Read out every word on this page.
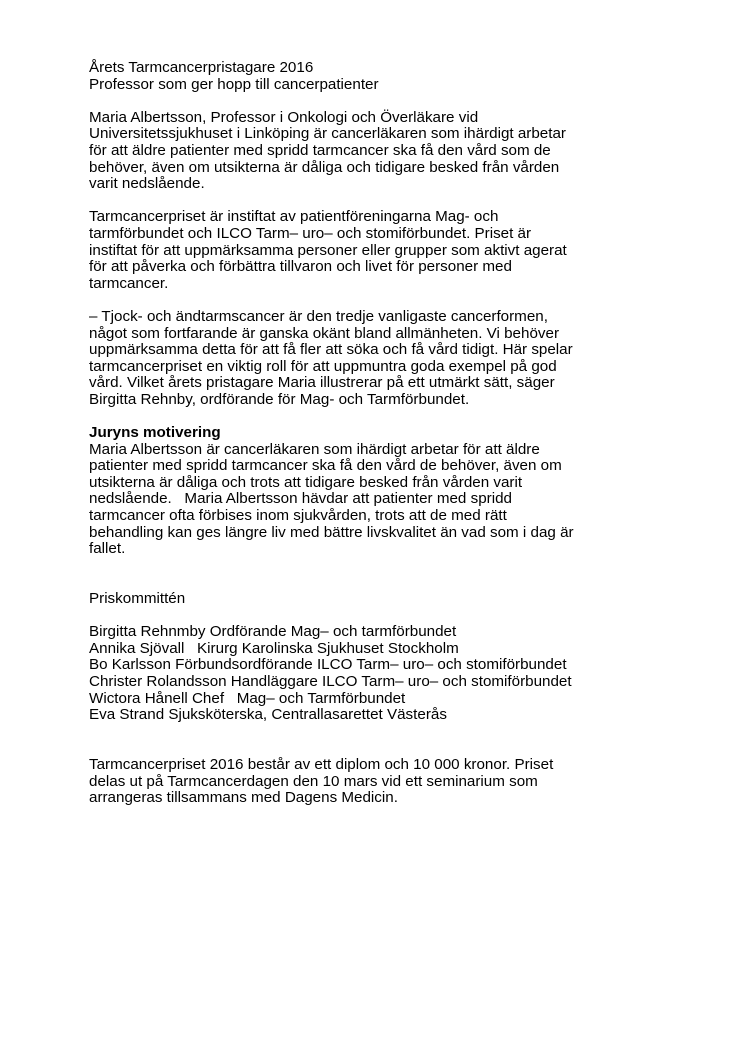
Årets Tarmcancerpristagare 2016
Professor som ger hopp till cancerpatienter
Maria Albertsson, Professor i Onkologi och Överläkare vid
Universitetssjukhuset i Linköping är cancerläkaren som ihärdigt arbetar
för att äldre patienter med spridd tarmcancer ska få den vård som de
behöver, även om utsikterna är dåliga och tidigare besked från vården
varit nedslående.
Tarmcancerpriset är instiftat av patientföreningarna Mag- och
tarmförbundet och ILCO Tarm– uro– och stomiförbundet. Priset är
instiftat för att uppmärksamma personer eller grupper som aktivt agerat
för att påverka och förbättra tillvaron och livet för personer med
tarmcancer.
– Tjock- och ändtarmscancer är den tredje vanligaste cancerformen,
något som fortfarande är ganska okänt bland allmänheten. Vi behöver
uppmärksamma detta för att få fler att söka och få vård tidigt. Här spelar
tarmcancerpriset en viktig roll för att uppmuntra goda exempel på god
vård. Vilket årets pristagare Maria illustrerar på ett utmärkt sätt, säger
Birgitta Rehnby, ordförande för Mag- och Tarmförbundet.
Juryns motivering
Maria Albertsson är cancerläkaren som ihärdigt arbetar för att äldre
patienter med spridd tarmcancer ska få den vård de behöver, även om
utsikterna är dåliga och trots att tidigare besked från vården varit
nedslående.   Maria Albertsson hävdar att patienter med spridd
tarmcancer ofta förbises inom sjukvården, trots att de med rätt
behandling kan ges längre liv med bättre livskvalitet än vad som i dag är
fallet.
Priskommittén
Birgitta Rehnmby Ordförande Mag– och tarmförbundet
Annika Sjövall   Kirurg Karolinska Sjukhuset Stockholm
Bo Karlsson Förbundsordförande ILCO Tarm– uro– och stomiförbundet
Christer Rolandsson Handläggare ILCO Tarm– uro– och stomiförbundet
Wictora Hånell Chef   Mag– och Tarmförbundet
Eva Strand Sjuksköterska, Centrallasarettet Västerås
Tarmcancerpriset 2016 består av ett diplom och 10 000 kronor. Priset
delas ut på Tarmcancerdagen den 10 mars vid ett seminarium som
arrangeras tillsammans med Dagens Medicin.
